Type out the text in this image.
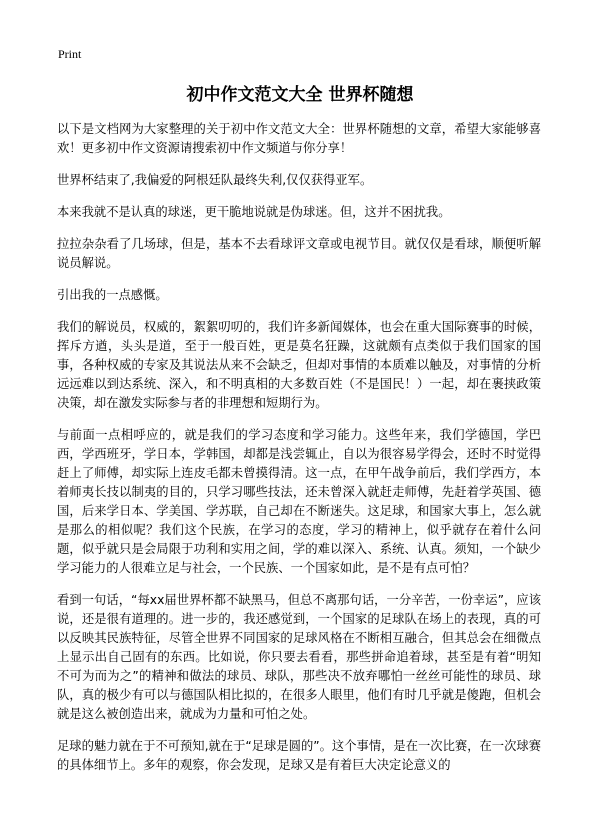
Print
初中作文范文大全 世界杯随想

以下是文档网为大家整理的关于初中作文范文大全：世界杯随想的文章，希望大家能够喜欢！更多初中作文资源请搜索初中作文频道与你分享！

世界杯结束了,我偏爱的阿根廷队最终失利,仅仅获得亚军。

本来我就不是认真的球迷，更干脆地说就是伪球迷。但，这并不困扰我。

拉拉杂杂看了几场球，但是，基本不去看球评文章或电视节目。就仅仅是看球，顺便听解说员解说。

引出我的一点感慨。

我们的解说员，权威的，絮絮叨叨的，我们许多新闻媒体，也会在重大国际赛事的时候，挥斥方遒，头头是道，至于一般百姓，更是莫名狂躁，这就颇有点类似于我们国家的国事，各种权威的专家及其说法从来不会缺乏，但却对事情的本质难以触及，对事情的分析远远难以到达系统、深入，和不明真相的大多数百姓（不是国民！）一起，却在裹挟政策决策，却在激发实际参与者的非理想和短期行为。

与前面一点相呼应的，就是我们的学习态度和学习能力。这些年来，我们学德国，学巴西，学西班牙，学日本，学韩国，却都是浅尝辄止，自以为很容易学得会，还时不时觉得赶上了师傅，却实际上连皮毛都未曾摸得清。这一点，在甲午战争前后，我们学西方，本着师夷长技以制夷的目的，只学习哪些技法，还未曾深入就赶走师傅，先赶着学英国、德国，后来学日本、学美国、学苏联，自己却在不断迷失。这足球，和国家大事上，怎么就是那么的相似呢？我们这个民族，在学习的态度，学习的精神上，似乎就存在着什么问题，似乎就只是会局限于功利和实用之间，学的难以深入、系统、认真。须知，一个缺少学习能力的人很难立足与社会，一个民族、一个国家如此，是不是有点可怕？

看到一句话，“每xx届世界杯都不缺黑马，但总不离那句话，一分辛苦，一份幸运”，应该说，还是很有道理的。进一步的，我还感觉到，一个国家的足球队在场上的表现，真的可以反映其民族特征，尽管全世界不同国家的足球风格在不断相互融合，但其总会在细微点上显示出自己固有的东西。比如说，你只要去看看，那些拼命追着球，甚至是有着“明知不可为而为之”的精神和做法的球员、球队，那些决不放弃哪怕一丝丝可能性的球员、球队，真的极少有可以与德国队相比拟的，在很多人眼里，他们有时几乎就是傻跑，但机会就是这么被创造出来，就成为力量和可怕之处。

足球的魅力就在于不可预知,就在于“足球是圆的”。这个事情，是在一次比赛，在一次球赛的具体细节上。多年的观察，你会发现，足球又是有着巨大决定论意义的
